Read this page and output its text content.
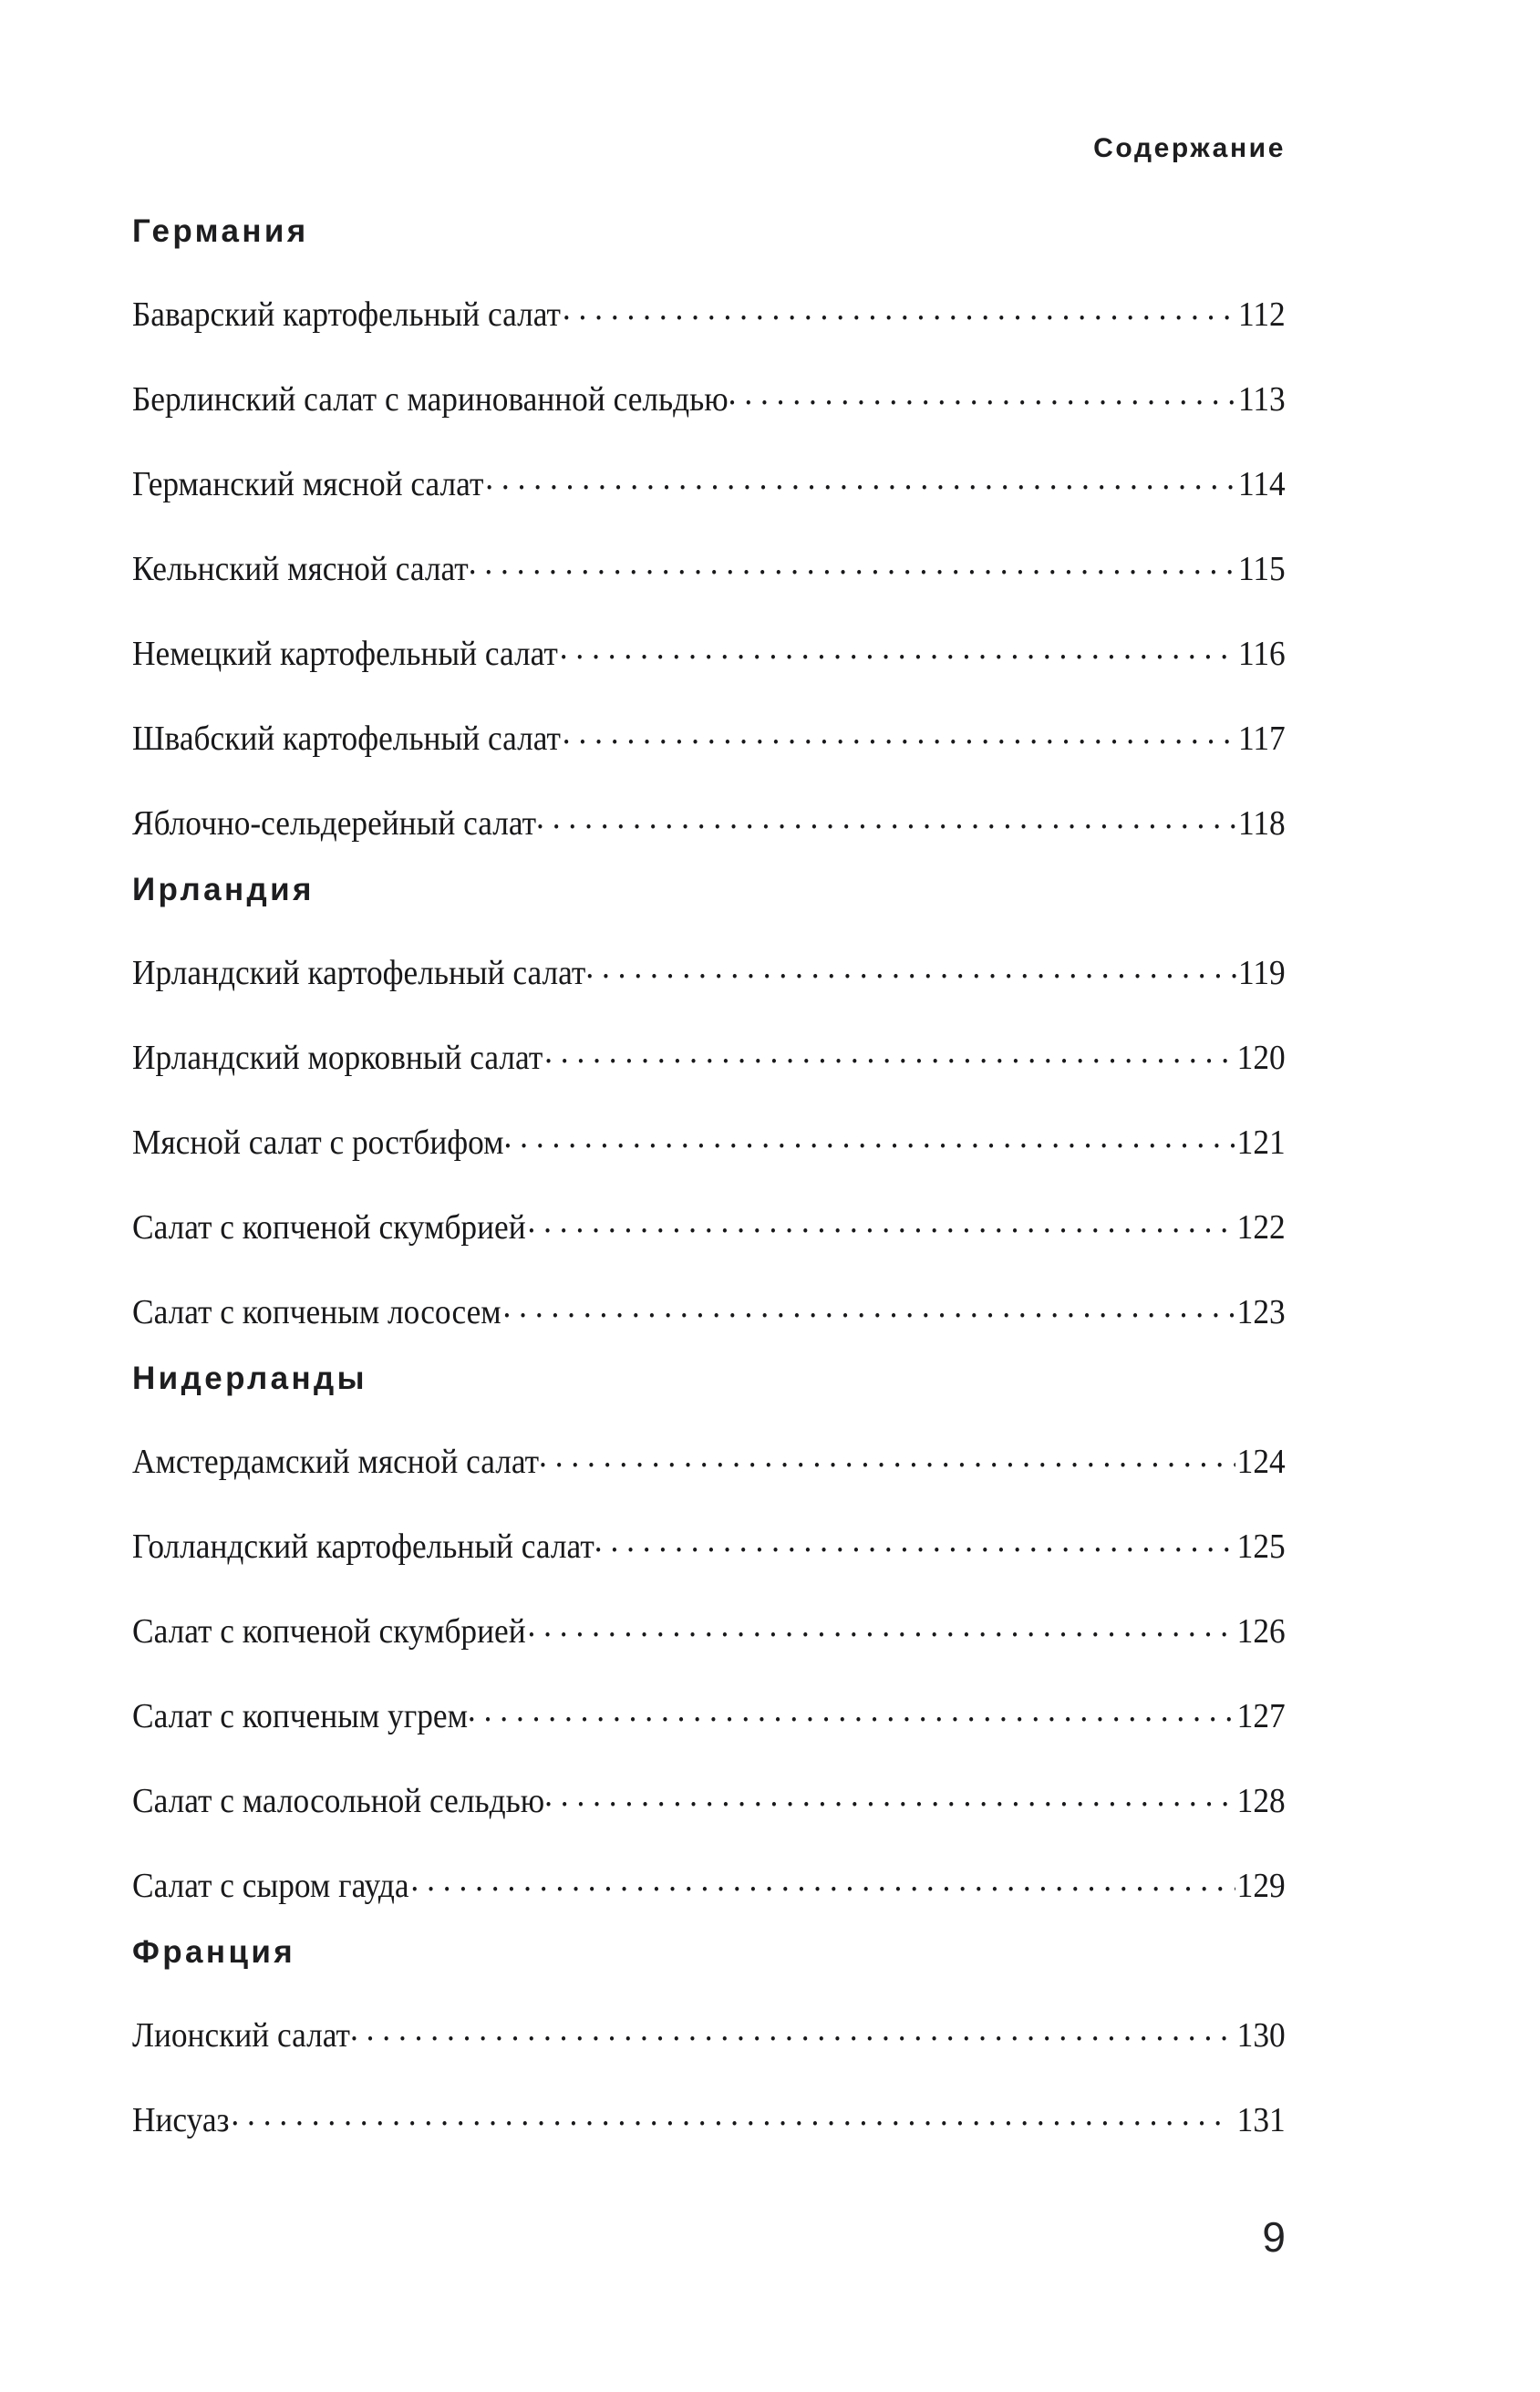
Содержание
Германия
Баварский картофельный салат . . .	112
Берлинский салат с маринованной сельдью . . .	113
Германский мясной салат . . .	114
Кельнский мясной салат . . .	115
Немецкий картофельный салат . . .	116
Швабский картофельный салат . . .	117
Яблочно-сельдерейный салат . . .	118
Ирландия
Ирландский картофельный салат . . .	119
Ирландский морковный салат . . .	120
Мясной салат с ростбифом . . .	121
Салат с копченой скумбрией . . .	122
Салат с копченым лососем . . .	123
Нидерланды
Амстердамский мясной салат . . .	124
Голландский картофельный салат . . .	125
Салат с копченой скумбрией . . .	126
Салат с копченым угрем . . .	127
Салат с малосольной сельдью . . .	128
Салат с сыром гауда . . .	129
Франция
Лионский салат . . .	130
Нисуаз . . .	131
9
